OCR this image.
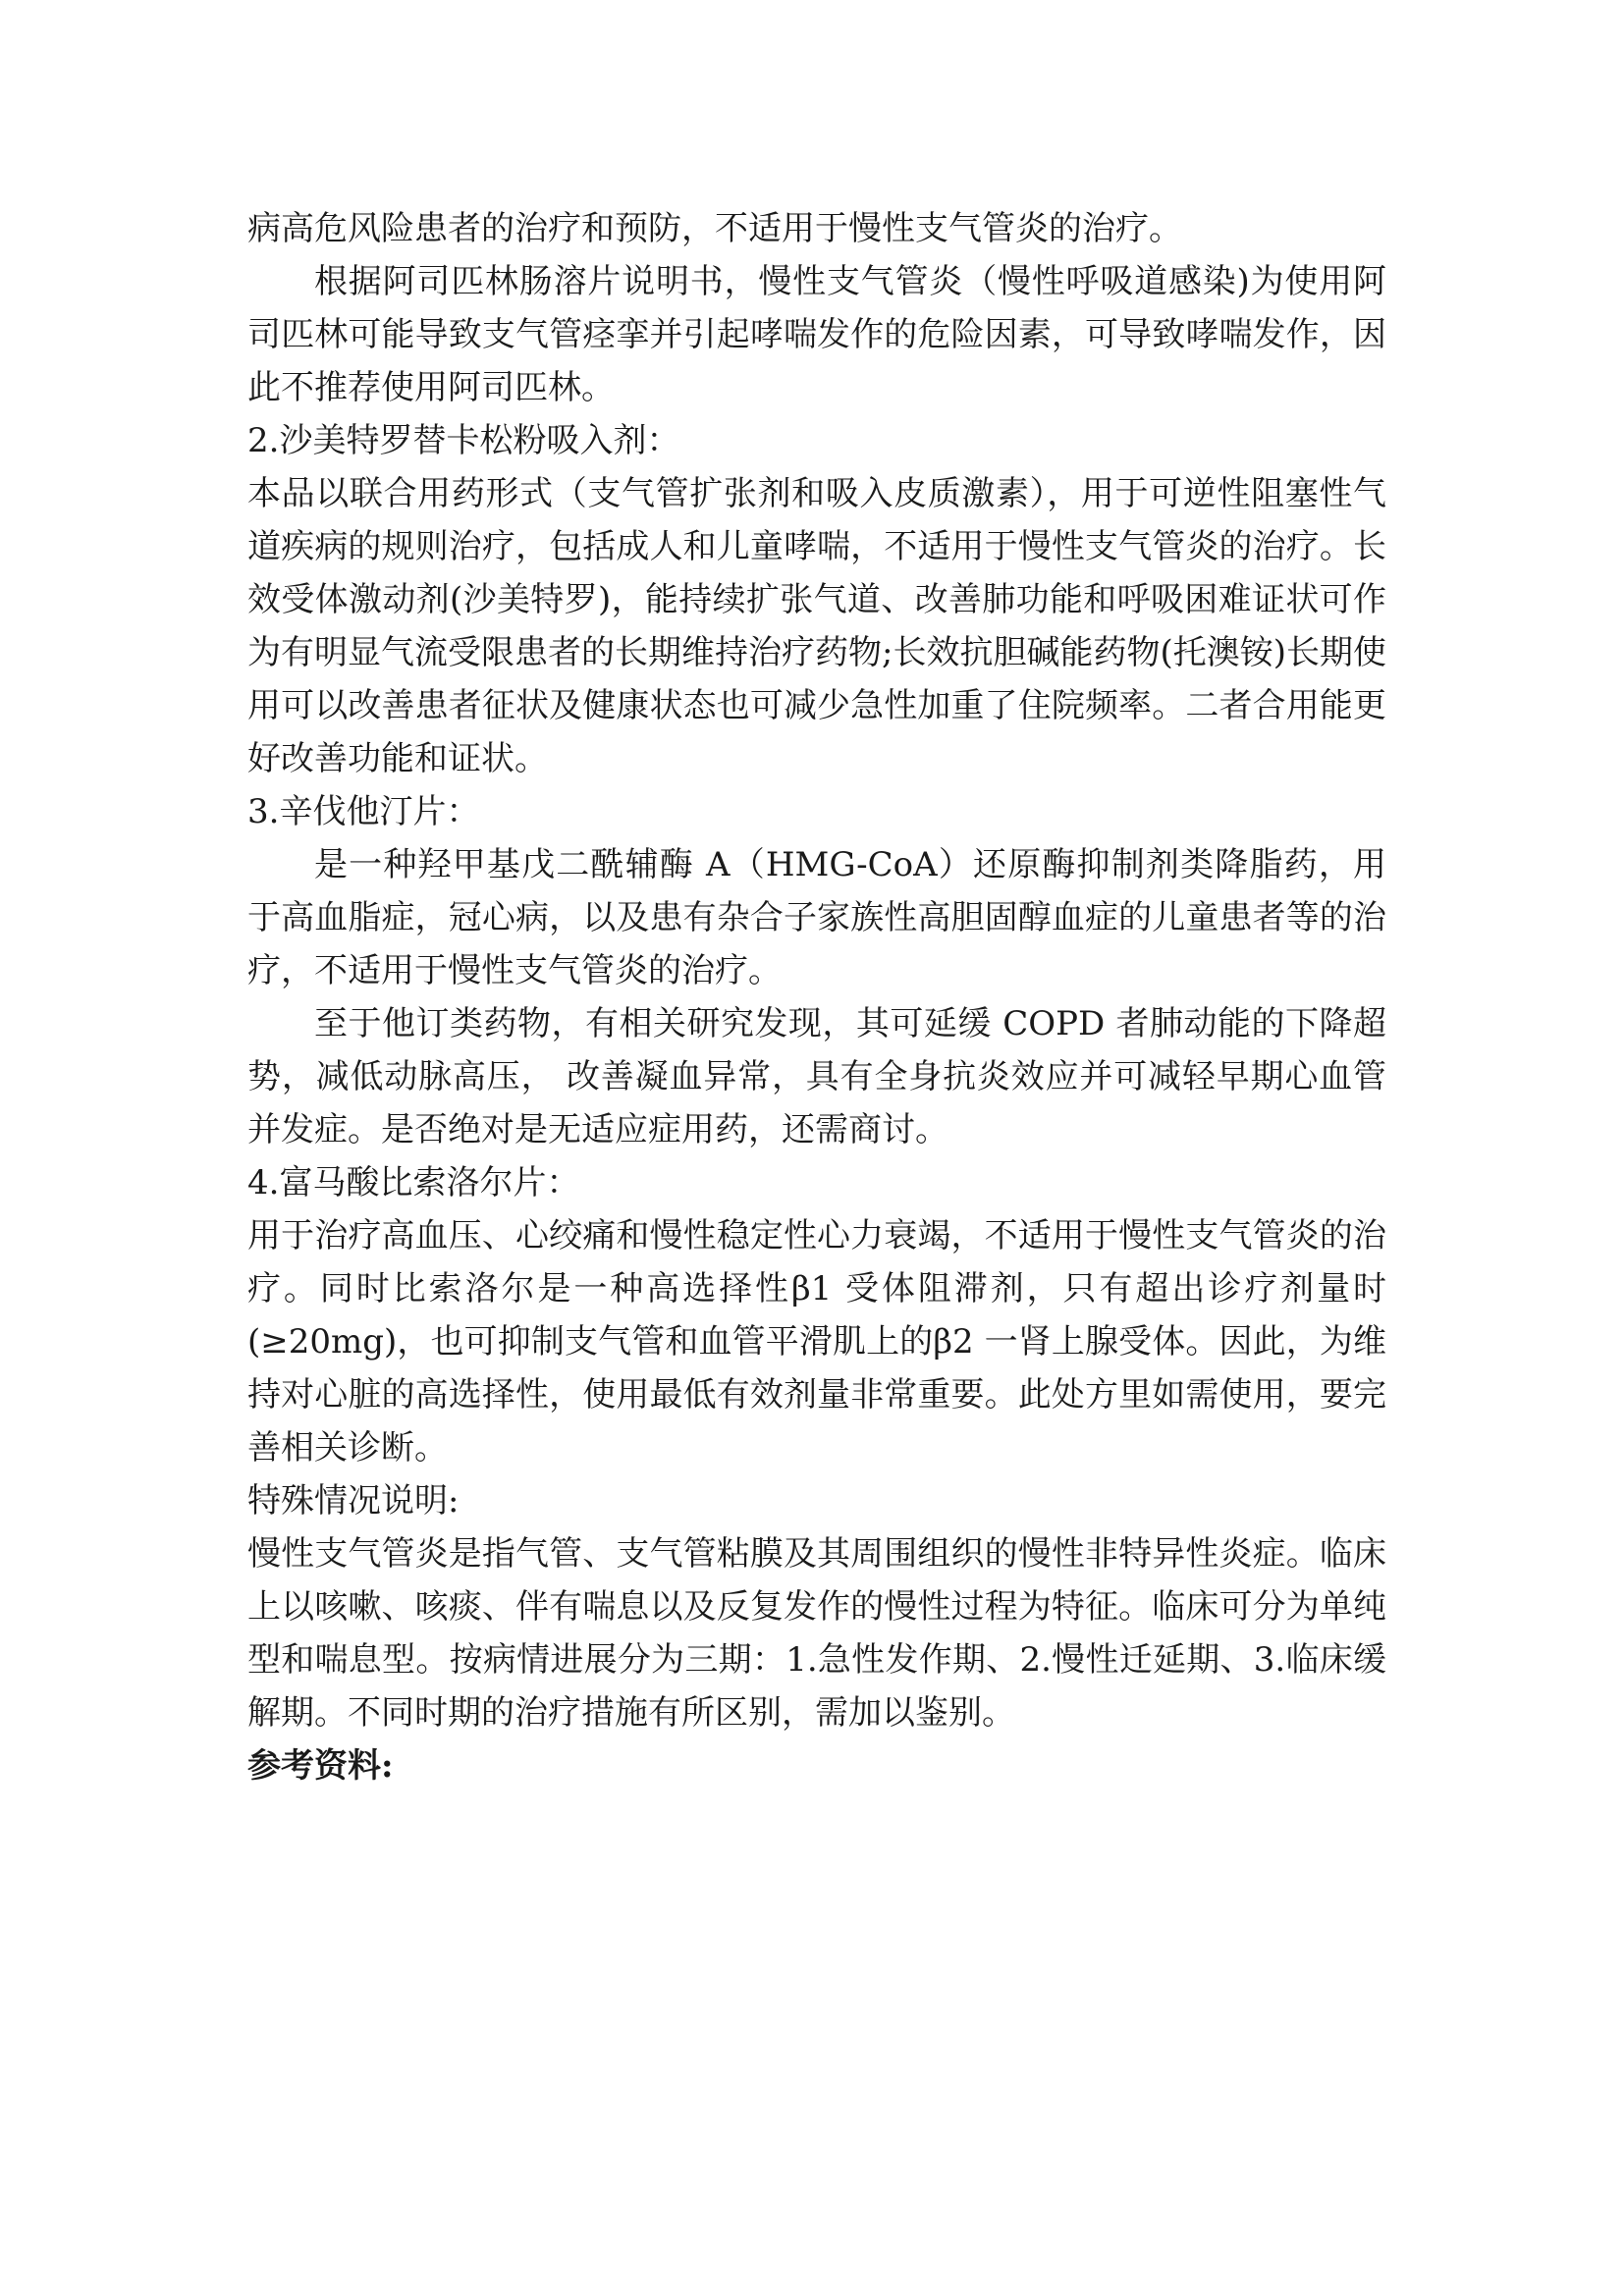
病高危风险患者的治疗和预防，不适用于慢性支气管炎的治疗。

根据阿司匹林肠溶片说明书，慢性支气管炎（慢性呼吸道感染)为使用阿司匹林可能导致支气管痉挛并引起哮喘发作的危险因素，可导致哮喘发作，因此不推荐使用阿司匹林。

2.沙美特罗替卡松粉吸入剂：

本品以联合用药形式（支气管扩张剂和吸入皮质激素），用于可逆性阻塞性气道疾病的规则治疗，包括成人和儿童哮喘，不适用于慢性支气管炎的治疗。长效受体激动剂(沙美特罗)，能持续扩张气道、改善肺功能和呼吸困难证状可作为有明显气流受限患者的长期维持治疗药物;长效抗胆碱能药物(托澳铵)长期使用可以改善患者征状及健康状态也可减少急性加重了住院频率。二者合用能更好改善功能和证状。

3.辛伐他汀片：

是一种羟甲基戊二酰辅酶 A（HMG-CoA）还原酶抑制剂类降脂药，用于高血脂症，冠心病，以及患有杂合子家族性高胆固醇血症的儿童患者等的治疗，不适用于慢性支气管炎的治疗。

至于他订类药物，有相关研究发现，其可延缓 COPD 者肺动能的下降超势，减低动脉高压， 改善凝血异常，具有全身抗炎效应并可减轻早期心血管并发症。是否绝对是无适应症用药，还需商讨。

4.富马酸比索洛尔片：

用于治疗高血压、心绞痛和慢性稳定性心力衰竭，不适用于慢性支气管炎的治疗。同时比索洛尔是一种高选择性β1 受体阻滞剂，只有超出诊疗剂量时(≥20mg)，也可抑制支气管和血管平滑肌上的β2 一肾上腺受体。因此，为维持对心脏的高选择性，使用最低有效剂量非常重要。此处方里如需使用，要完善相关诊断。

特殊情况说明:

慢性支气管炎是指气管、支气管粘膜及其周围组织的慢性非特异性炎症。临床上以咳嗽、咳痰、伴有喘息以及反复发作的慢性过程为特征。临床可分为单纯型和喘息型。按病情进展分为三期：1.急性发作期、2.慢性迁延期、3.临床缓解期。不同时期的治疗措施有所区别，需加以鉴别。

参考资料:
